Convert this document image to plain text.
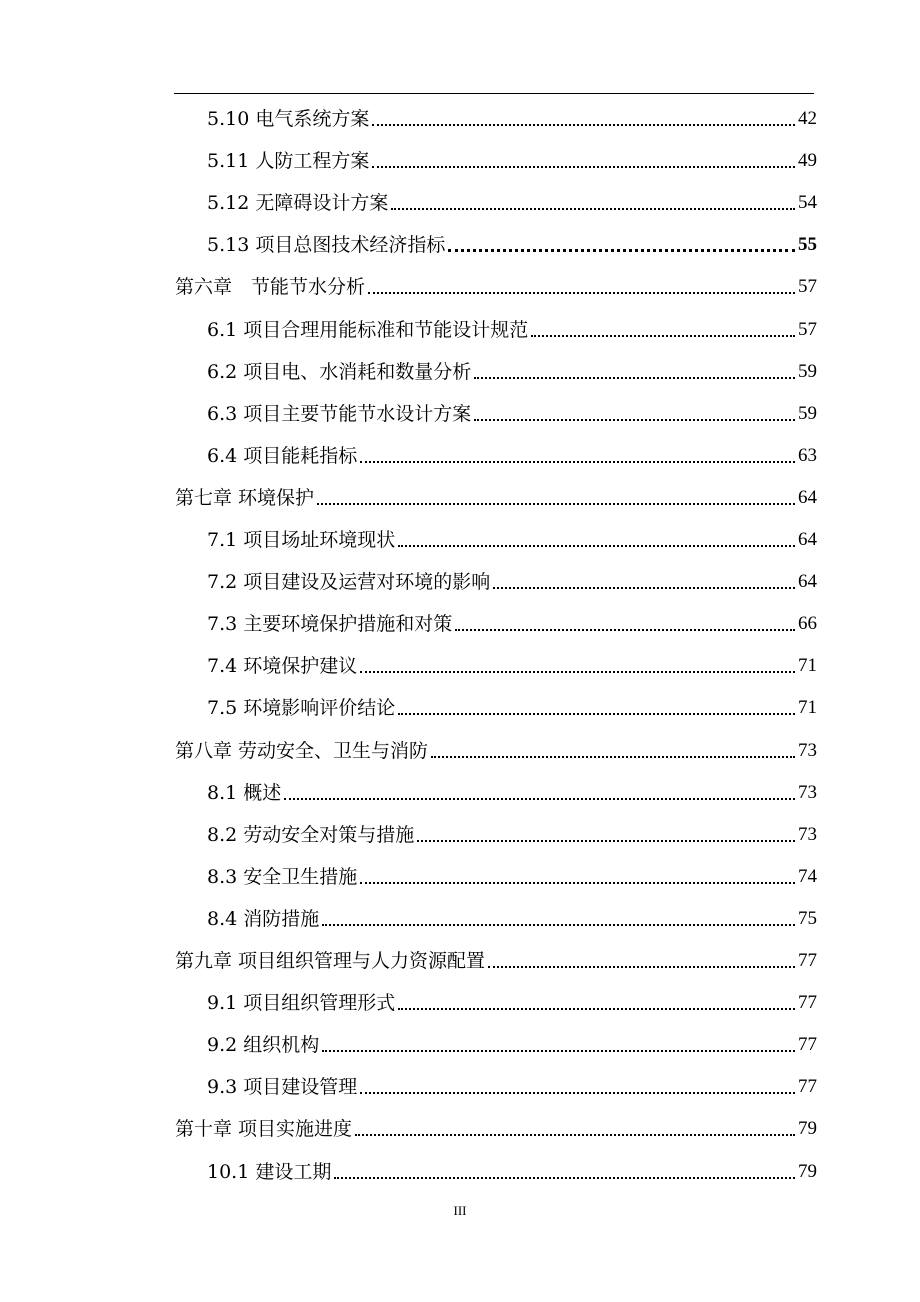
5.10 电气系统方案	42
5.11 人防工程方案	49
5.12 无障碍设计方案	54
5.13 项目总图技术经济指标	55
第六章　节能节水分析	57
6.1 项目合理用能标准和节能设计规范	57
6.2 项目电、水消耗和数量分析	59
6.3 项目主要节能节水设计方案	59
6.4 项目能耗指标	63
第七章 环境保护	64
7.1 项目场址环境现状	64
7.2 项目建设及运营对环境的影响	64
7.3 主要环境保护措施和对策	66
7.4 环境保护建议	71
7.5 环境影响评价结论	71
第八章 劳动安全、卫生与消防	73
8.1 概述	73
8.2 劳动安全对策与措施	73
8.3 安全卫生措施	74
8.4 消防措施	75
第九章 项目组织管理与人力资源配置	77
9.1 项目组织管理形式	77
9.2 组织机构	77
9.3 项目建设管理	77
第十章 项目实施进度	79
10.1 建设工期	79
III
